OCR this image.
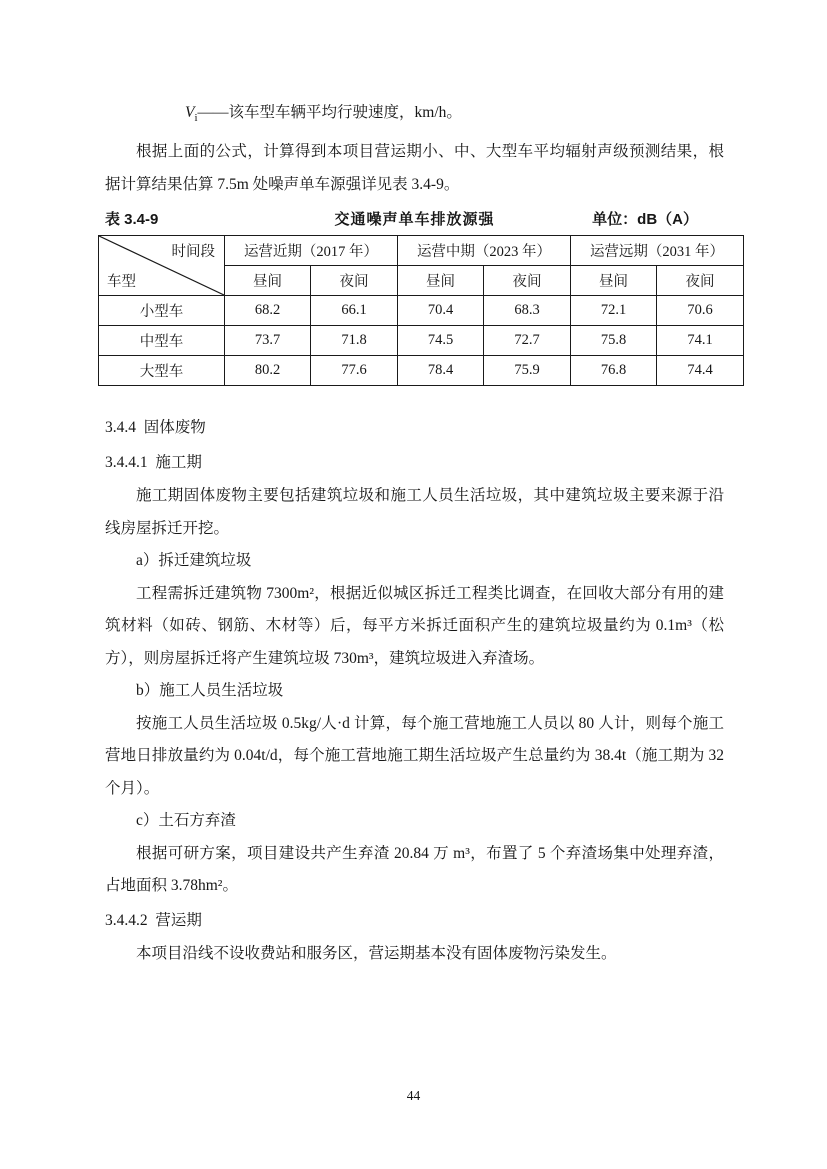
$V_i——$该车型车辆平均行驶速度，km/h。

根据上面的公式，计算得到本项目营运期小、中、大型车平均辐射声级预测结果，根据计算结果估算 7.5m 处噪声单车源强详见表 3.4-9。

表 3.4-9	交通噪声单车排放源强	单位：dB（A）
时间段
车型	运营近期（2017 年）		运营中期（2023 年）		运营远期（2031 年）	
	昼间	夜间	昼间	夜间	昼间	夜间
小型车	68.2	66.1	70.4	68.3	72.1	70.6
中型车	73.7	71.8	74.5	72.7	75.8	74.1
大型车	80.2	77.6	78.4	75.9	76.8	74.4
3.4.4  固体废物
3.4.4.1  施工期

施工期固体废物主要包括建筑垃圾和施工人员生活垃圾，其中建筑垃圾主要来源于沿线房屋拆迁开挖。

a）拆迁建筑垃圾

工程需拆迁建筑物 7300m²，根据近似城区拆迁工程类比调查，在回收大部分有用的建筑材料（如砖、钢筋、木材等）后，每平方米拆迁面积产生的建筑垃圾量约为 0.1m³（松方），则房屋拆迁将产生建筑垃圾 730m³，建筑垃圾进入弃渣场。

b）施工人员生活垃圾

按施工人员生活垃圾 0.5kg/人·d 计算，每个施工营地施工人员以 80 人计，则每个施工营地日排放量约为 0.04t/d，每个施工营地施工期生活垃圾产生总量约为 38.4t（施工期为 32 个月）。

c）土石方弃渣

根据可研方案，项目建设共产生弃渣 20.84 万 m³，布置了 5 个弃渣场集中处理弃渣，占地面积 3.78hm²。

3.4.4.2  营运期

本项目沿线不设收费站和服务区，营运期基本没有固体废物污染发生。

44
